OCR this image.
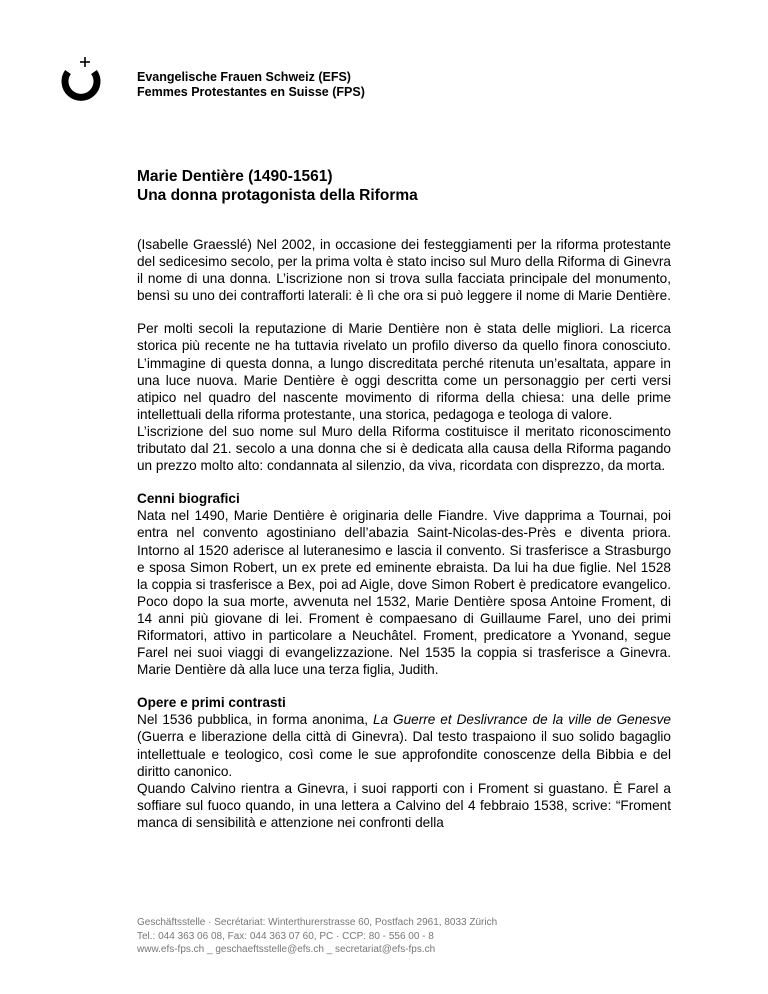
Evangelische Frauen Schweiz (EFS)
Femmes Protestantes en Suisse (FPS)
Marie Dentière (1490-1561)
Una donna protagonista della Riforma

(Isabelle Graesslé) Nel 2002, in occasione dei festeggiamenti per la riforma protestante del sedicesimo secolo, per la prima volta è stato inciso sul Muro della Riforma di Ginevra il nome di una donna. L’iscrizione non si trova sulla facciata principale del monumento, bensì su uno dei contrafforti laterali: è lì che ora si può leggere il nome di Marie Dentière.

Per molti secoli la reputazione di Marie Dentière non è stata delle migliori. La ricerca storica più recente ne ha tuttavia rivelato un profilo diverso da quello finora conosciuto. L’immagine di questa donna, a lungo discreditata perché ritenuta un’esaltata, appare in una luce nuova. Marie Dentière è oggi descritta come un personaggio per certi versi atipico nel quadro del nascente movimento di riforma della chiesa: una delle prime intellettuali della riforma protestante, una storica, pedagoga e teologa di valore.

L’iscrizione del suo nome sul Muro della Riforma costituisce il meritato riconoscimento tributato dal 21. secolo a una donna che si è dedicata alla causa della Riforma pagando un prezzo molto alto: condannata al silenzio, da viva, ricordata con disprezzo, da morta.

Cenni biografici

Nata nel 1490, Marie Dentière è originaria delle Fiandre. Vive dapprima a Tournai, poi entra nel convento agostiniano dell’abazia Saint-Nicolas-des-Près e diventa priora. Intorno al 1520 aderisce al luteranesimo e lascia il convento. Si trasferisce a Strasburgo e sposa Simon Robert, un ex prete ed eminente ebraista. Da lui ha due figlie. Nel 1528 la coppia si trasferisce a Bex, poi ad Aigle, dove Simon Robert è predicatore evangelico. Poco dopo la sua morte, avvenuta nel 1532, Marie Dentière sposa Antoine Froment, di 14 anni più giovane di lei. Froment è compaesano di Guillaume Farel, uno dei primi Riformatori, attivo in particolare a Neuchâtel. Froment, predicatore a Yvonand, segue Farel nei suoi viaggi di evangelizzazione. Nel 1535 la coppia si trasferisce a Ginevra. Marie Dentière dà alla luce una terza figlia, Judith.

Opere e primi contrasti

Nel 1536 pubblica, in forma anonima, La Guerre et Deslivrance de la ville de Genesve (Guerra e liberazione della città di Ginevra). Dal testo traspaiono il suo solido bagaglio intellettuale e teologico, così come le sue approfondite conoscenze della Bibbia e del diritto canonico.

Quando Calvino rientra a Ginevra, i suoi rapporti con i Froment si guastano. È Farel a soffiare sul fuoco quando, in una lettera a Calvino del 4 febbraio 1538, scrive: “Froment manca di sensibilità e attenzione nei confronti della

Geschäftsstelle · Secrétariat: Winterthurerstrasse 60, Postfach 2961, 8033 Zürich
Tel.: 044 363 06 08, Fax: 044 363 07 60, PC · CCP: 80 - 556 00 - 8
www.efs-fps.ch _ geschaeftsstelle@efs.ch _ secretariat@efs-fps.ch
